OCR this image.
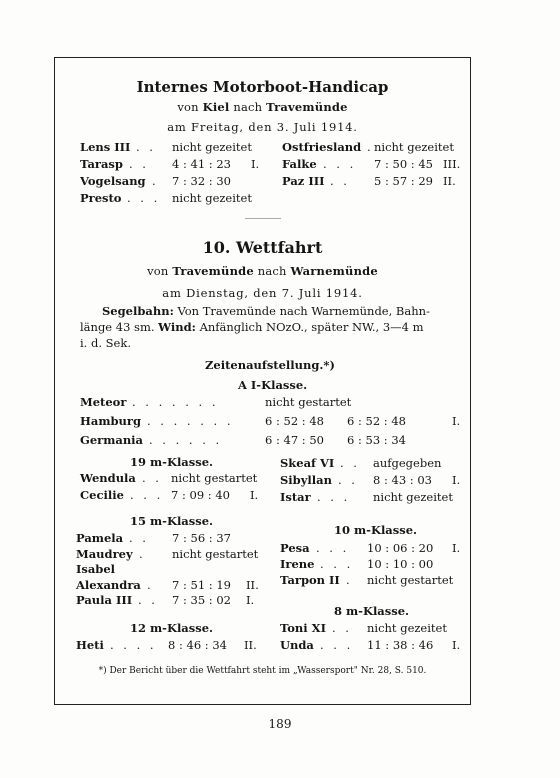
Internes Motorboot-Handicap
von Kiel nach Travemünde
am Freitag, den 3. Juli 1914.
Lens III . . nicht gezeitet
Tarasp . . 4 : 41 : 23 I.
Vogelsang . 7 : 32 : 30
Presto . . . nicht gezeitet
Ostfriesland . nicht gezeitet
Falke . . . 7 : 50 : 45 III.
Paz III . . 5 : 57 : 29 II.
10. Wettfahrt
von Travemünde nach Warnemünde
am Dienstag, den 7. Juli 1914.
Segelbahn: Von Travemünde nach Warnemünde, Bahn-
länge 43 sm. Wind: Anfänglich NOzO., später NW., 3—4 m
i. d. Sek.
Zeitenaufstellung.*)
A I-Klasse.
Meteor . . . . . . .	nicht gestartet
Hamburg . . . . . . .	6 : 52 : 48 6 : 52 : 48	I.
Germania . . . . . .	6 : 47 : 50 6 : 53 : 34
19 m-Klasse.
Wendula . . nicht gestartet
Cecilie . . . 7 : 09 : 40 I.
Skeaf VI . . aufgegeben
Sibyllan . . 8 : 43 : 03 I.
Istar . . . nicht gezeitet
15 m-Klasse.
Pamela . . 7 : 56 : 37
Maudrey . nicht gestartet
Isabel
Alexandra . 7 : 51 : 19 II.
Paula III . . 7 : 35 : 02 I.
10 m-Klasse.
Pesa . . . 10 : 06 : 20 I.
Irene . . . 10 : 10 : 00
Tarpon II . nicht gestartet
12 m-Klasse.
Heti . . . . 8 : 46 : 34 II.
8 m-Klasse.
Toni XI . . nicht gezeitet
Unda . . . 11 : 38 : 46 I.
*) Der Bericht über die Wettfahrt steht im „Wassersport" Nr. 28, S. 510.
189
